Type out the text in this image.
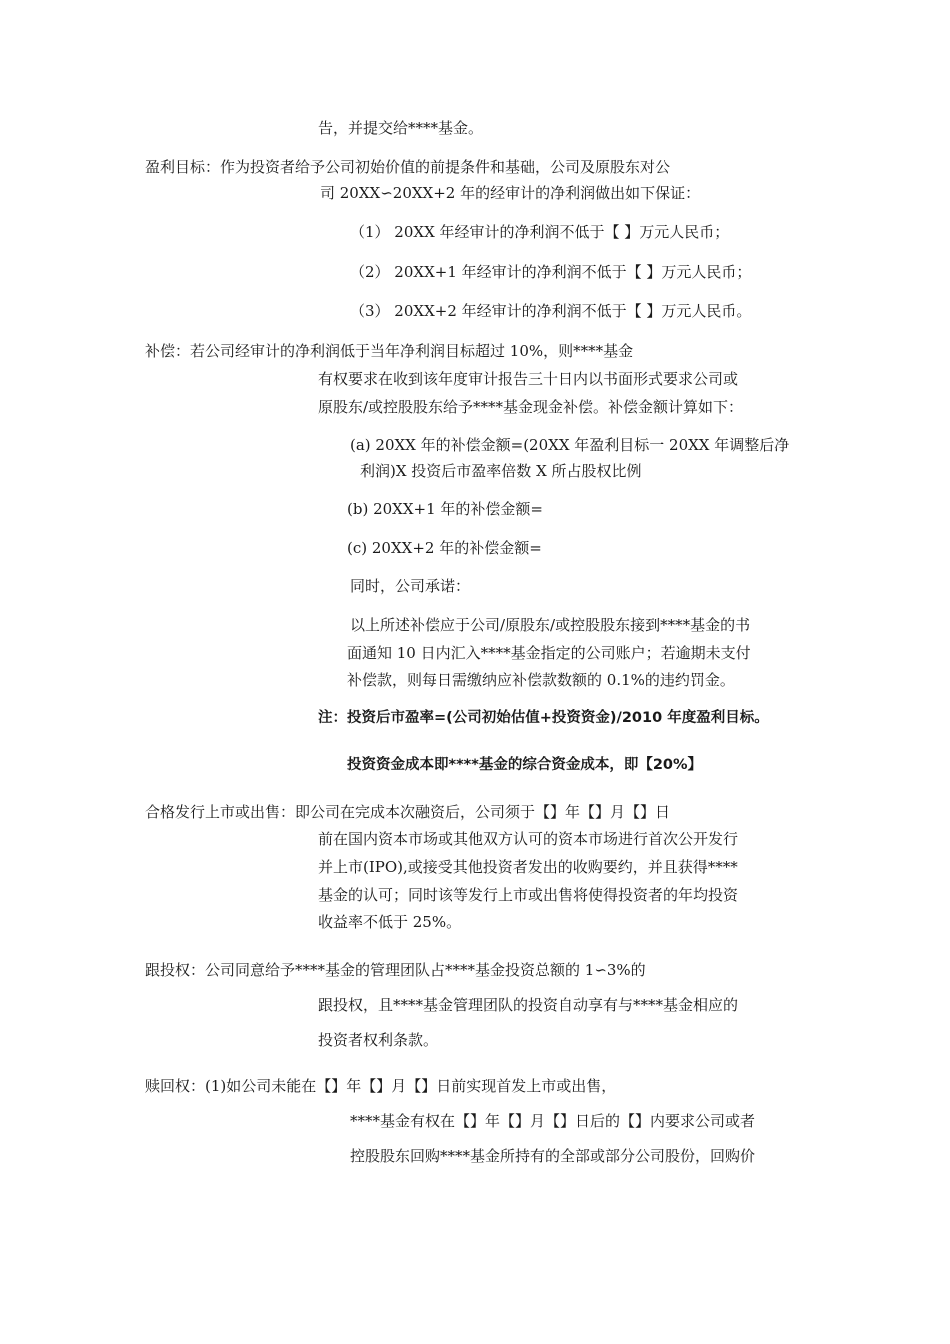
告，并提交给****基金。
盈利目标：作为投资者给予公司初始价值的前提条件和基础，公司及原股东对公
司 20XX∽20XX+2 年的经审计的净利润做出如下保证：
（1） 20XX 年经审计的净利润不低于【 】万元人民币；
（2） 20XX+1 年经审计的净利润不低于【 】万元人民币；
（3） 20XX+2 年经审计的净利润不低于【 】万元人民币。
补偿：若公司经审计的净利润低于当年净利润目标超过 10%，则****基金
有权要求在收到该年度审计报告三十日内以书面形式要求公司或
原股东/或控股股东给予****基金现金补偿。补偿金额计算如下：
(a) 20XX 年的补偿金额=(20XX 年盈利目标一 20XX 年调整后净
利润)X 投资后市盈率倍数 X 所占股权比例
(b) 20XX+1 年的补偿金额=
(c) 20XX+2 年的补偿金额=
同时，公司承诺：
以上所述补偿应于公司/原股东/或控股股东接到****基金的书
面通知 10 日内汇入****基金指定的公司账户；若逾期未支付
补偿款，则每日需缴纳应补偿款数额的 0.1%的违约罚金。
注：投资后市盈率=(公司初始估值+投资资金)/2010 年度盈利目标。
投资资金成本即****基金的综合资金成本，即【20%】
合格发行上市或出售：即公司在完成本次融资后，公司须于【】年【】月【】日
前在国内资本市场或其他双方认可的资本市场进行首次公开发行
并上市(IPO),或接受其他投资者发出的收购要约，并且获得****
基金的认可；同时该等发行上市或出售将使得投资者的年均投资
收益率不低于 25%。
跟投权：公司同意给予****基金的管理团队占****基金投资总额的 1∽3%的
跟投权，且****基金管理团队的投资自动享有与****基金相应的
投资者权利条款。
赎回权：(1)如公司未能在【】年【】月【】日前实现首发上市或出售，
****基金有权在【】年【】月【】日后的【】内要求公司或者
控股股东回购****基金所持有的全部或部分公司股份，回购价
